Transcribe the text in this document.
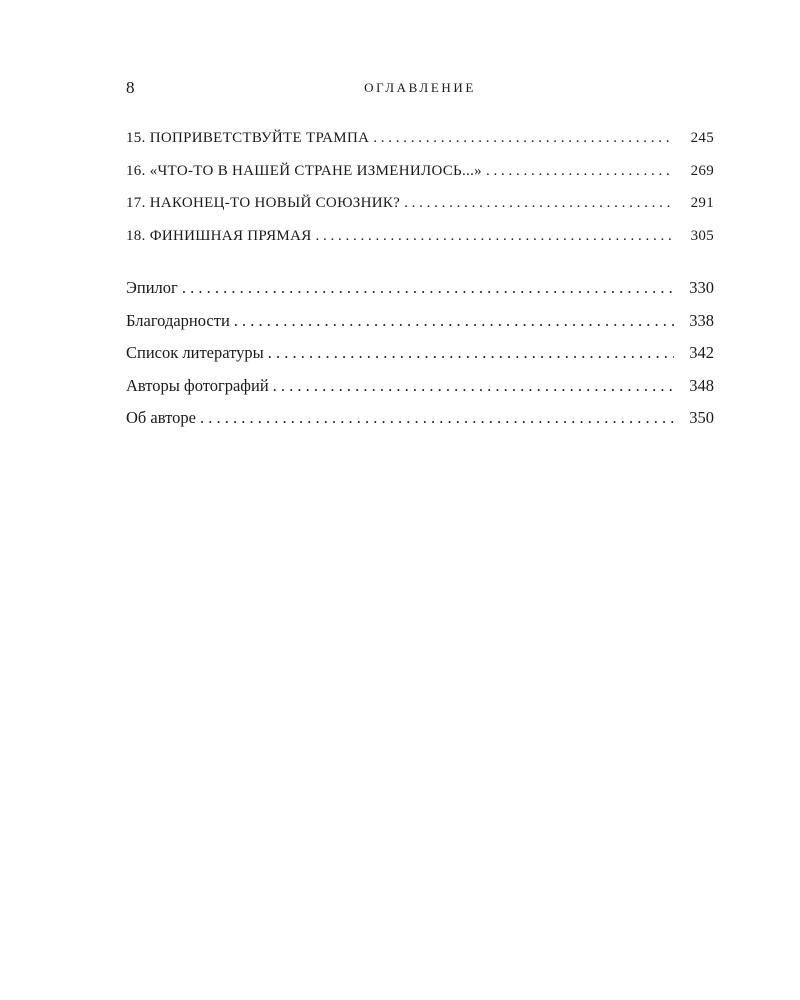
8	ОГЛАВЛЕНИЕ
15. ПОПРИВЕТСТВУЙТЕ ТРАМПА . . .	245
16. «ЧТО-ТО В НАШЕЙ СТРАНЕ ИЗМЕНИЛОСЬ...» . . .	269
17. НАКОНЕЦ-ТО НОВЫЙ СОЮЗНИК? . . .	291
18. ФИНИШНАЯ ПРЯМАЯ . . .	305
Эпилог . . .	330
Благодарности . . .	338
Список литературы . . .	342
Авторы фотографий . . .	348
Об авторе . . .	350
